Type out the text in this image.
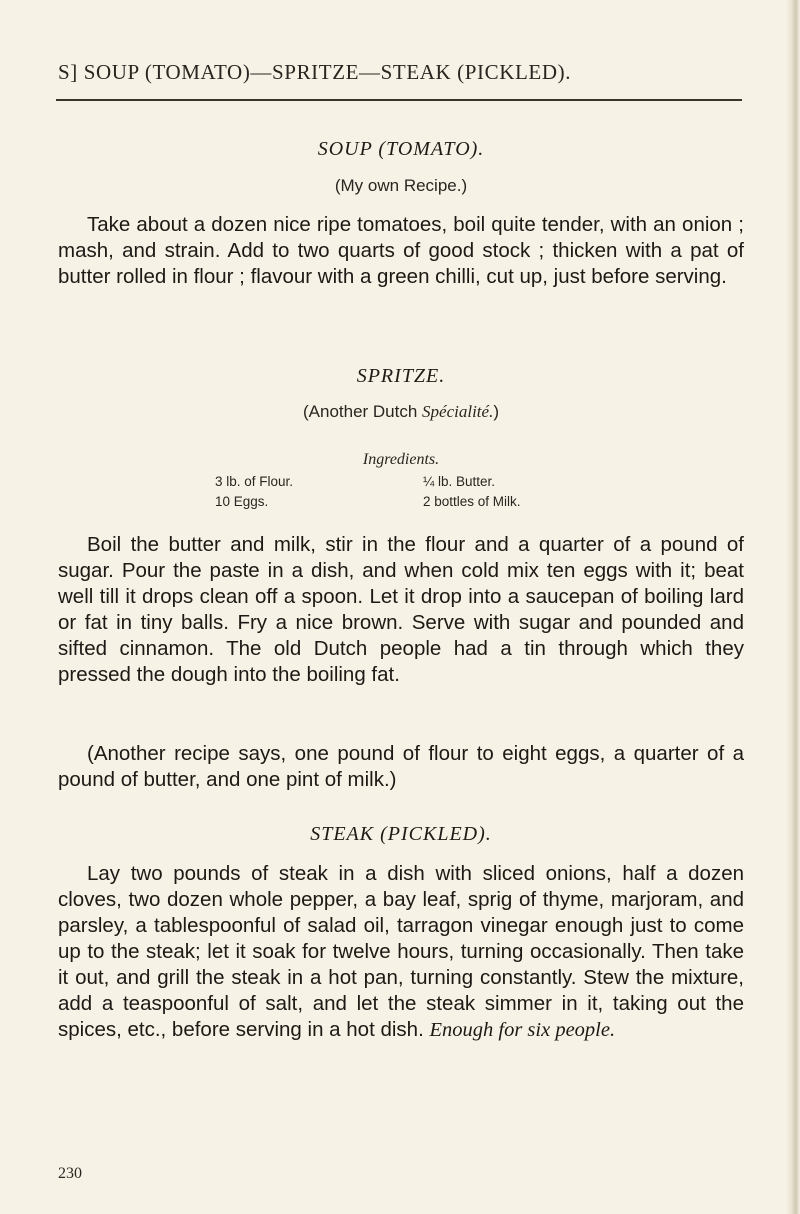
S] SOUP (TOMATO)—SPRITZE—STEAK (PICKLED).
SOUP (TOMATO).
(My own Recipe.)

Take about a dozen nice ripe tomatoes, boil quite tender, with an onion ; mash, and strain. Add to two quarts of good stock ; thicken with a pat of butter rolled in flour ; flavour with a green chilli, cut up, just before serving.

SPRITZE.
(Another Dutch Spécialité.)
Ingredients.
3 lb. of Flour.	¼ lb. Butter.
10 Eggs.	2 bottles of Milk.

Boil the butter and milk, stir in the flour and a quarter of a pound of sugar. Pour the paste in a dish, and when cold mix ten eggs with it; beat well till it drops clean off a spoon. Let it drop into a saucepan of boiling lard or fat in tiny balls. Fry a nice brown. Serve with sugar and pounded and sifted cinnamon. The old Dutch people had a tin through which they pressed the dough into the boiling fat.

(Another recipe says, one pound of flour to eight eggs, a quarter of a pound of butter, and one pint of milk.)

STEAK (PICKLED).

Lay two pounds of steak in a dish with sliced onions, half a dozen cloves, two dozen whole pepper, a bay leaf, sprig of thyme, marjoram, and parsley, a tablespoonful of salad oil, tarragon vinegar enough just to come up to the steak; let it soak for twelve hours, turning occasionally. Then take it out, and grill the steak in a hot pan, turning constantly. Stew the mixture, add a teaspoonful of salt, and let the steak simmer in it, taking out the spices, etc., before serving in a hot dish. Enough for six people.

230
